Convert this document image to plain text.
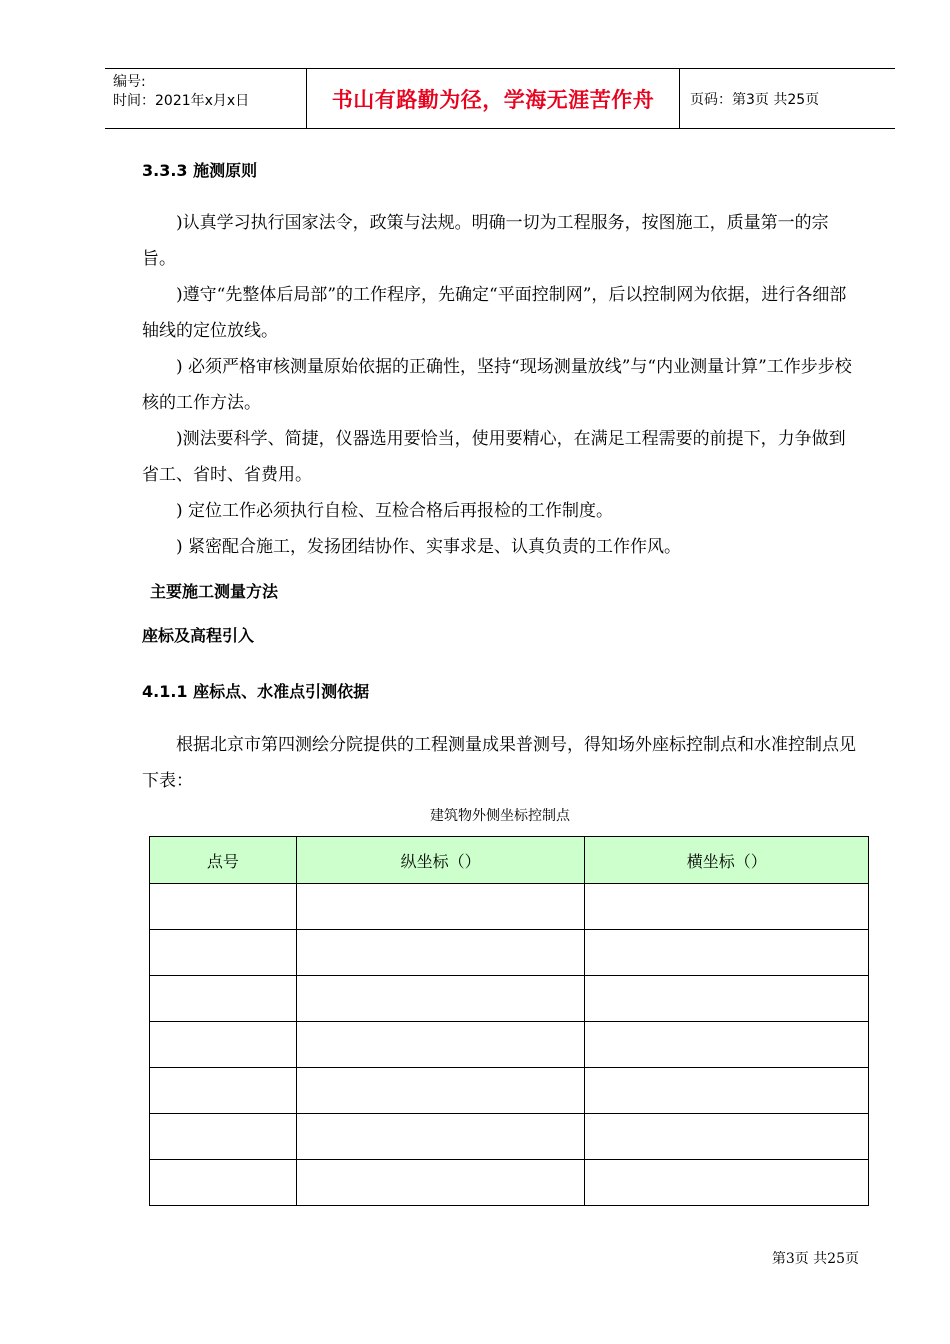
编号:
时间：2021年x月x日	书山有路勤为径，学海无涯苦作舟	页码：第3页 共25页
3.3.3 施测原则
)认真学习执行国家法令，政策与法规。明确一切为工程服务，按图施工，质量第一的宗旨。
)遵守“先整体后局部”的工作程序，先确定“平面控制网”，后以控制网为依据，进行各细部轴线的定位放线。
) 必须严格审核测量原始依据的正确性，坚持“现场测量放线”与“内业测量计算”工作步步校核的工作方法。
)测法要科学、简捷，仪器选用要恰当，使用要精心，在满足工程需要的前提下，力争做到省工、省时、省费用。
) 定位工作必须执行自检、互检合格后再报检的工作制度。
) 紧密配合施工，发扬团结协作、实事求是、认真负责的工作作风。
主要施工测量方法
座标及高程引入
4.1.1 座标点、水准点引测依据
根据北京市第四测绘分院提供的工程测量成果普测号，得知场外座标控制点和水准控制点见下表：
建筑物外侧坐标控制点
点号	纵坐标（）	横坐标（）

第3页 共25页
